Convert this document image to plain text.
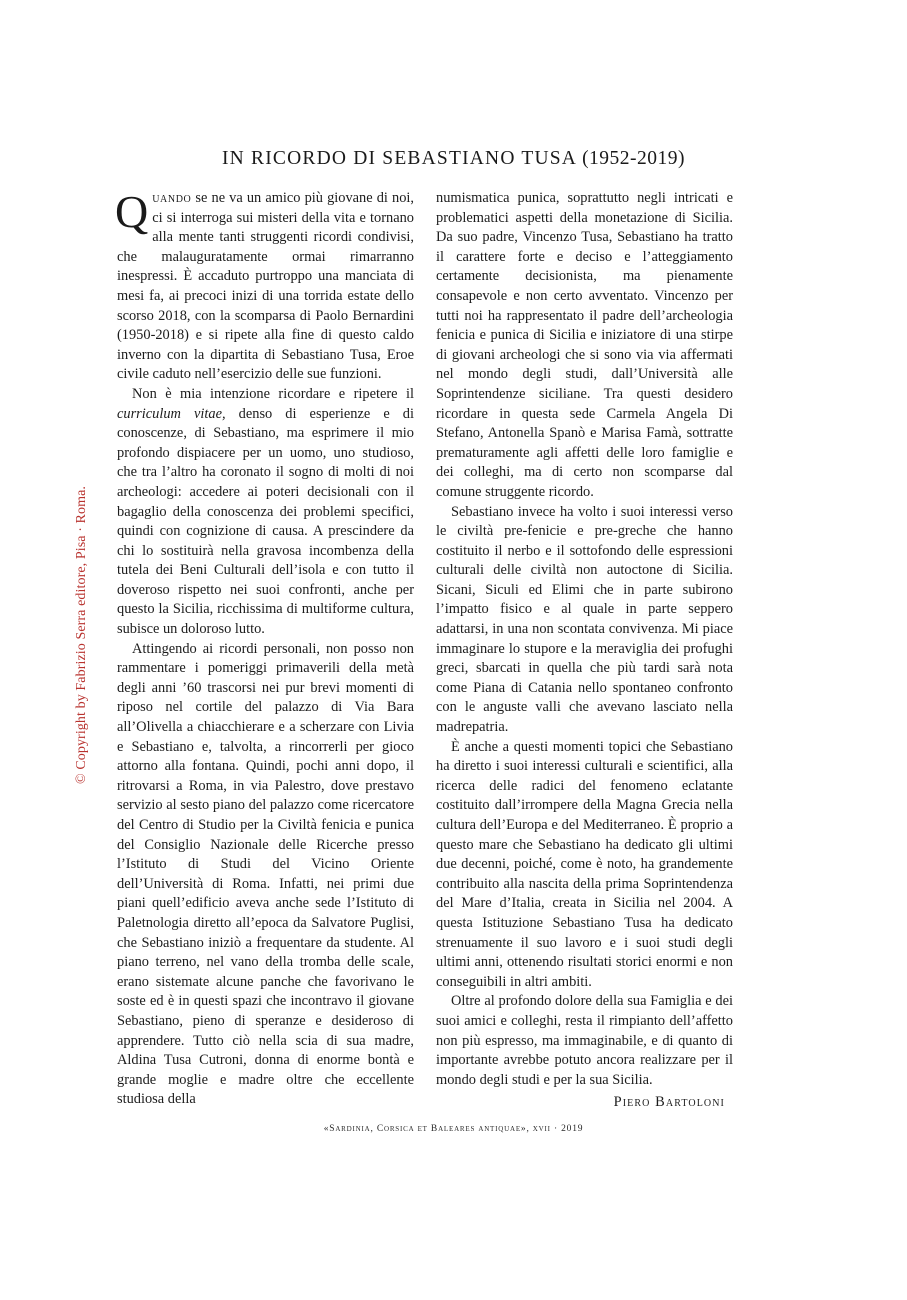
IN RICORDO DI SEBASTIANO TUSA (1952-2019)
© Copyright by Fabrizio Serra editore, Pisa · Roma.

Quando se ne va un amico più giovane di noi, ci si interroga sui misteri della vita e tornano alla mente tanti struggenti ricordi condivisi, che malauguratamente ormai rimarranno inespressi. È accaduto purtroppo una manciata di mesi fa, ai precoci inizi di una torrida estate dello scorso 2018, con la scomparsa di Paolo Bernardini (1950-2018) e si ripete alla fine di questo caldo inverno con la dipartita di Sebastiano Tusa, Eroe civile caduto nell’esercizio delle sue funzioni.

Non è mia intenzione ricordare e ripetere il curriculum vitae, denso di esperienze e di conoscenze, di Sebastiano, ma esprimere il mio profondo dispiacere per un uomo, uno studioso, che tra l’altro ha coronato il sogno di molti di noi archeologi: accedere ai poteri decisionali con il bagaglio della conoscenza dei problemi specifici, quindi con cognizione di causa. A prescindere da chi lo sostituirà nella gravosa incombenza della tutela dei Beni Culturali dell’isola e con tutto il doveroso rispetto nei suoi confronti, anche per questo la Sicilia, ricchissima di multiforme cultura, subisce un doloroso lutto.

Attingendo ai ricordi personali, non posso non rammentare i pomeriggi primaverili della metà degli anni ’60 trascorsi nei pur brevi momenti di riposo nel cortile del palazzo di Via Bara all’Olivella a chiacchierare e a scherzare con Livia e Sebastiano e, talvolta, a rincorrerli per gioco attorno alla fontana. Quindi, pochi anni dopo, il ritrovarsi a Roma, in via Palestro, dove prestavo servizio al sesto piano del palazzo come ricercatore del Centro di Studio per la Civiltà fenicia e punica del Consiglio Nazionale delle Ricerche presso l’Istituto di Studi del Vicino Oriente dell’Università di Roma. Infatti, nei primi due piani quell’edificio aveva anche sede l’Istituto di Paletnologia diretto all’epoca da Salvatore Puglisi, che Sebastiano iniziò a frequentare da studente. Al piano terreno, nel vano della tromba delle scale, erano sistemate alcune panche che favorivano le soste ed è in questi spazi che incontravo il giovane Sebastiano, pieno di speranze e desideroso di apprendere. Tutto ciò nella scia di sua madre, Aldina Tusa Cutroni, donna di enorme bontà e grande moglie e madre oltre che eccellente studiosa della

numismatica punica, soprattutto negli intricati e problematici aspetti della monetazione di Sicilia. Da suo padre, Vincenzo Tusa, Sebastiano ha tratto il carattere forte e deciso e l’atteggiamento certamente decisionista, ma pienamente consapevole e non certo avventato. Vincenzo per tutti noi ha rappresentato il padre dell’archeologia fenicia e punica di Sicilia e iniziatore di una stirpe di giovani archeologi che si sono via via affermati nel mondo degli studi, dall’Università alle Soprintendenze siciliane. Tra questi desidero ricordare in questa sede Carmela Angela Di Stefano, Antonella Spanò e Marisa Famà, sottratte prematuramente agli affetti delle loro famiglie e dei colleghi, ma di certo non scomparse dal comune struggente ricordo.

Sebastiano invece ha volto i suoi interessi verso le civiltà pre-fenicie e pre-greche che hanno costituito il nerbo e il sottofondo delle espressioni culturali delle civiltà non autoctone di Sicilia. Sicani, Siculi ed Elimi che in parte subirono l’impatto fisico e al quale in parte seppero adattarsi, in una non scontata convivenza. Mi piace immaginare lo stupore e la meraviglia dei profughi greci, sbarcati in quella che più tardi sarà nota come Piana di Catania nello spontaneo confronto con le anguste valli che avevano lasciato nella madrepatria.

È anche a questi momenti topici che Sebastiano ha diretto i suoi interessi culturali e scientifici, alla ricerca delle radici del fenomeno eclatante costituito dall’irrompere della Magna Grecia nella cultura dell’Europa e del Mediterraneo. È proprio a questo mare che Sebastiano ha dedicato gli ultimi due decenni, poiché, come è noto, ha grandemente contribuito alla nascita della prima Soprintendenza del Mare d’Italia, creata in Sicilia nel 2004. A questa Istituzione Sebastiano Tusa ha dedicato strenuamente il suo lavoro e i suoi studi degli ultimi anni, ottenendo risultati storici enormi e non conseguibili in altri ambiti.

Oltre al profondo dolore della sua Famiglia e dei suoi amici e colleghi, resta il rimpianto dell’affetto non più espresso, ma immaginabile, e di quanto di importante avrebbe potuto ancora realizzare per il mondo degli studi e per la sua Sicilia.

Piero Bartoloni
«Sardinia, Corsica et Baleares antiquae», xvii · 2019
